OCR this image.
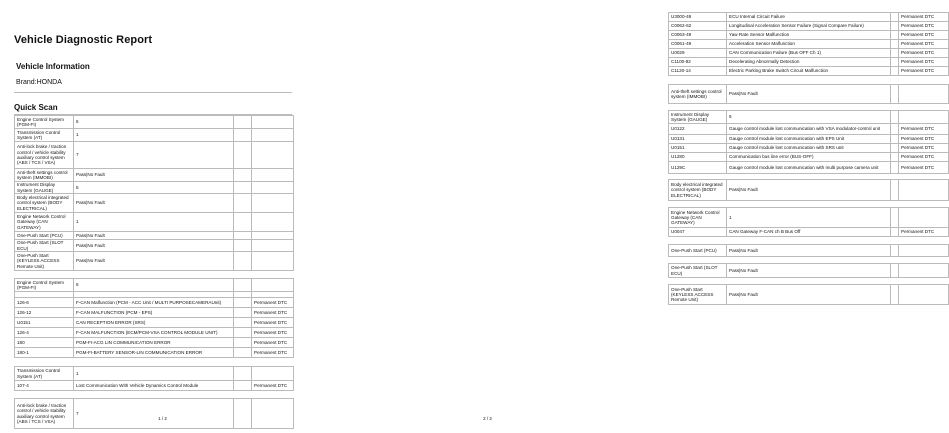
Vehicle Diagnostic Report
Vehicle Information
Brand:HONDA
Quick Scan
Engine Control System (PGM-FI)	6		
Transmission Control System (AT)	1		
Anti-lock brake / traction control / vehicle stability auxiliary control system (ABS / TCS / VSA)	7		
Anti-theft settings control system (IMMOBI)	Pass|No Fault		
Instrument Display System (GAUGE)	5		
Body electrical integrated control system (BODY ELECTRICAL)	Pass|No Fault		
Engine Network Control Gateway (CAN GATEWAY)	1		
One-Push Start (PCU)	Pass|No Fault		
One-Push Start (SLOT ECU)	Pass|No Fault		
One-Push Start (KEYLESS ACCESS Remote Unit)	Pass|No Fault		

Engine Control System (PGM-FI)	6		

126-6	F-CAN Malfunction (PCM - ACC Unit / MULTI PURPOSECAMERAUnit)		Permanent DTC
126-12	F-CAN MALFUNCTION (PCM - EPS)		Permanent DTC
U0151	CAN RECEPTION ERROR (SRS)		Permanent DTC
126-4	F-CAN MALFUNCTION (ECM/PCM-VSA CONTROL MODULE UNIT)		Permanent DTC
180	PGM-FI-ACG LIN COMMUNICATION ERROR		Permanent DTC
180-1	PGM-FI-BATTERY SENSOR-LIN COMMUNICATION ERROR		Permanent DTC

Transmission Control System (AT)	1		
107-4	Lost Communication With Vehicle Dynamics Control Module		Permanent DTC

Anti-lock brake / traction control / vehicle stability auxiliary control system (ABS / TCS / VSA)	7		
1 / 2
U3000-49	ECU Internal Circuit Failure		Permanent DTC
C0062-62	Longitudinal Acceleration Sensor Failure (Signal Compare Failure)		Permanent DTC
C0063-49	Yaw Rate Sensor Malfunction		Permanent DTC
C0061-49	Acceleration Sensor Malfunction		Permanent DTC
U0029	CAN Communication Failure (Bus OFF Ch 1)		Permanent DTC
C1100-92	Decelerating Abnormally Detection		Permanent DTC
C1120-14	Electric Parking Brake Switch Circuit Malfunction		Permanent DTC

Anti-theft settings control system (IMMOBI)	Pass|No Fault		

Instrument Display System (GAUGE)	5		
U0122	Gauge control module lost communication with VSA modulator-control unit		Permanent DTC
U0131	Gauge control module lost communication with EPS Unit		Permanent DTC
U0151	Gauge control module lost communication with SRS unit		Permanent DTC
U1280	Communication bus line error (BUS-OFF)		Permanent DTC
U129C	Gauge control module lost communication with multi purpose camera unit		Permanent DTC

Body electrical integrated control system (BODY ELECTRICAL)	Pass|No Fault		

Engine Network Control Gateway (CAN GATEWAY)	1		
U0047	CAN Gateway F-CAN ch B Bus Off		Permanent DTC

One-Push Start (PCU)	Pass|No Fault		

One-Push Start (SLOT ECU)	Pass|No Fault		

One-Push Start (KEYLESS ACCESS Remote Unit)	Pass|No Fault		
2 / 2
